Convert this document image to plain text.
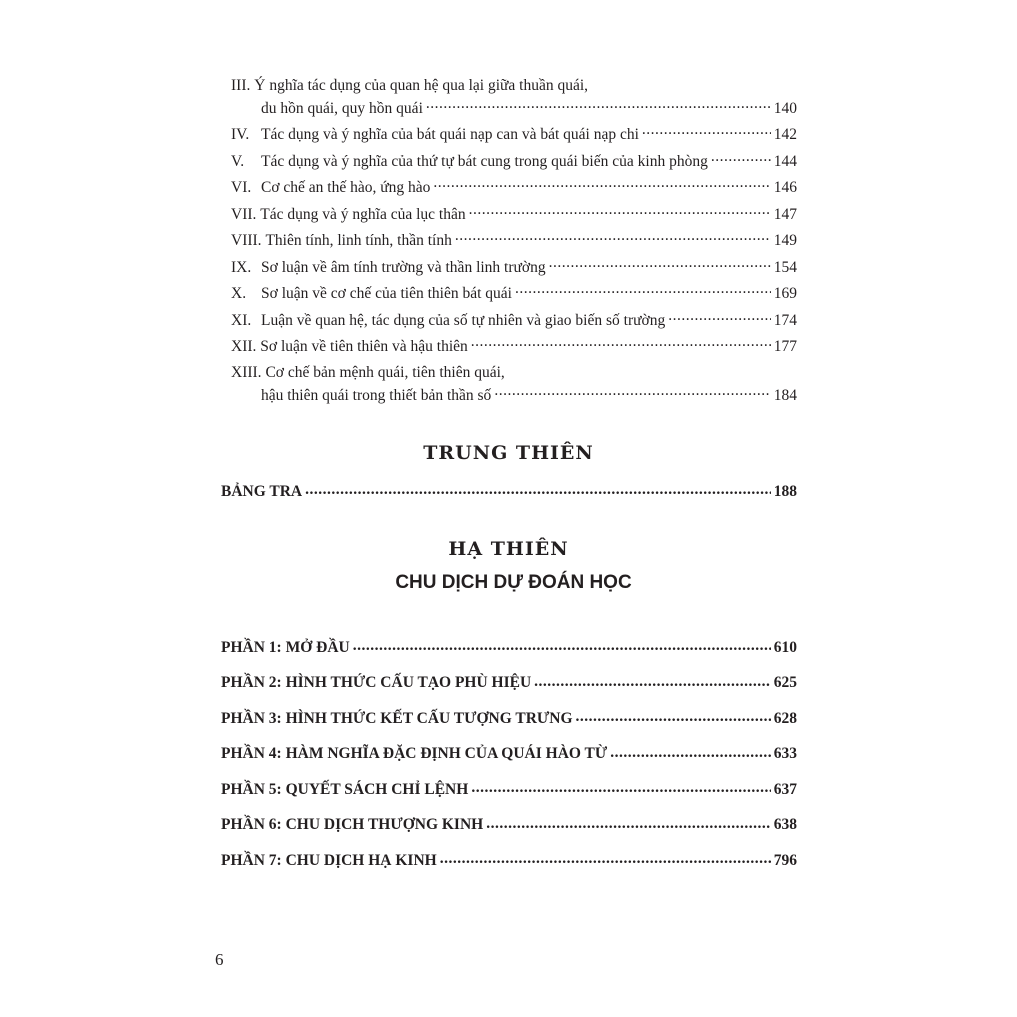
III.
Ý nghĩa tác dụng của quan hệ qua lại giữa thuần quái,
du hồn quái, quy hồn quái .....	140
IV. Tác dụng và ý nghĩa của bát quái nạp can và bát quái nạp chi .....	142
V.	Tác dụng và ý nghĩa của thứ tự bát cung trong quái biến của kinh phòng .....	144
VI. Cơ chế an thế hào, ứng hào .....	146
VII.
Tác dụng và ý nghĩa của lục thân .....	147
VIII.
Thiên tính, linh tính, thần tính .....	149
IX. Sơ luận về âm tính trường và thần linh trường .....	154
X. Sơ luận về cơ chế của tiên thiên bát quái .....	169
XI. Luận về quan hệ, tác dụng của số tự nhiên và giao biến số trường .....	174
XII.
Sơ luận về tiên thiên và hậu thiên .....	177
XIII.
Cơ chế bản mệnh quái, tiên thiên quái,
hậu thiên quái trong thiết bản thần số .....	184
TRUNG THIÊN
BẢNG TRA .....	188
HẠ THIÊN
CHU DỊCH DỰ ĐOÁN HỌC
PHẦN 1: MỞ ĐẦU .....	610
PHẦN 2: HÌNH THỨC CẤU TẠO PHÙ HIỆU .....	625
PHẦN 3: HÌNH THỨC KẾT CẤU TƯỢNG TRƯNG .....	628
PHẦN 4: HÀM NGHĨA ĐẶC ĐỊNH CỦA QUÁI HÀO TỪ .....	633
PHẦN 5: QUYẾT SÁCH CHỈ LỆNH .....	637
PHẦN 6: CHU DỊCH THƯỢNG KINH .....	638
PHẦN 7: CHU DỊCH HẠ KINH .....	796
6
